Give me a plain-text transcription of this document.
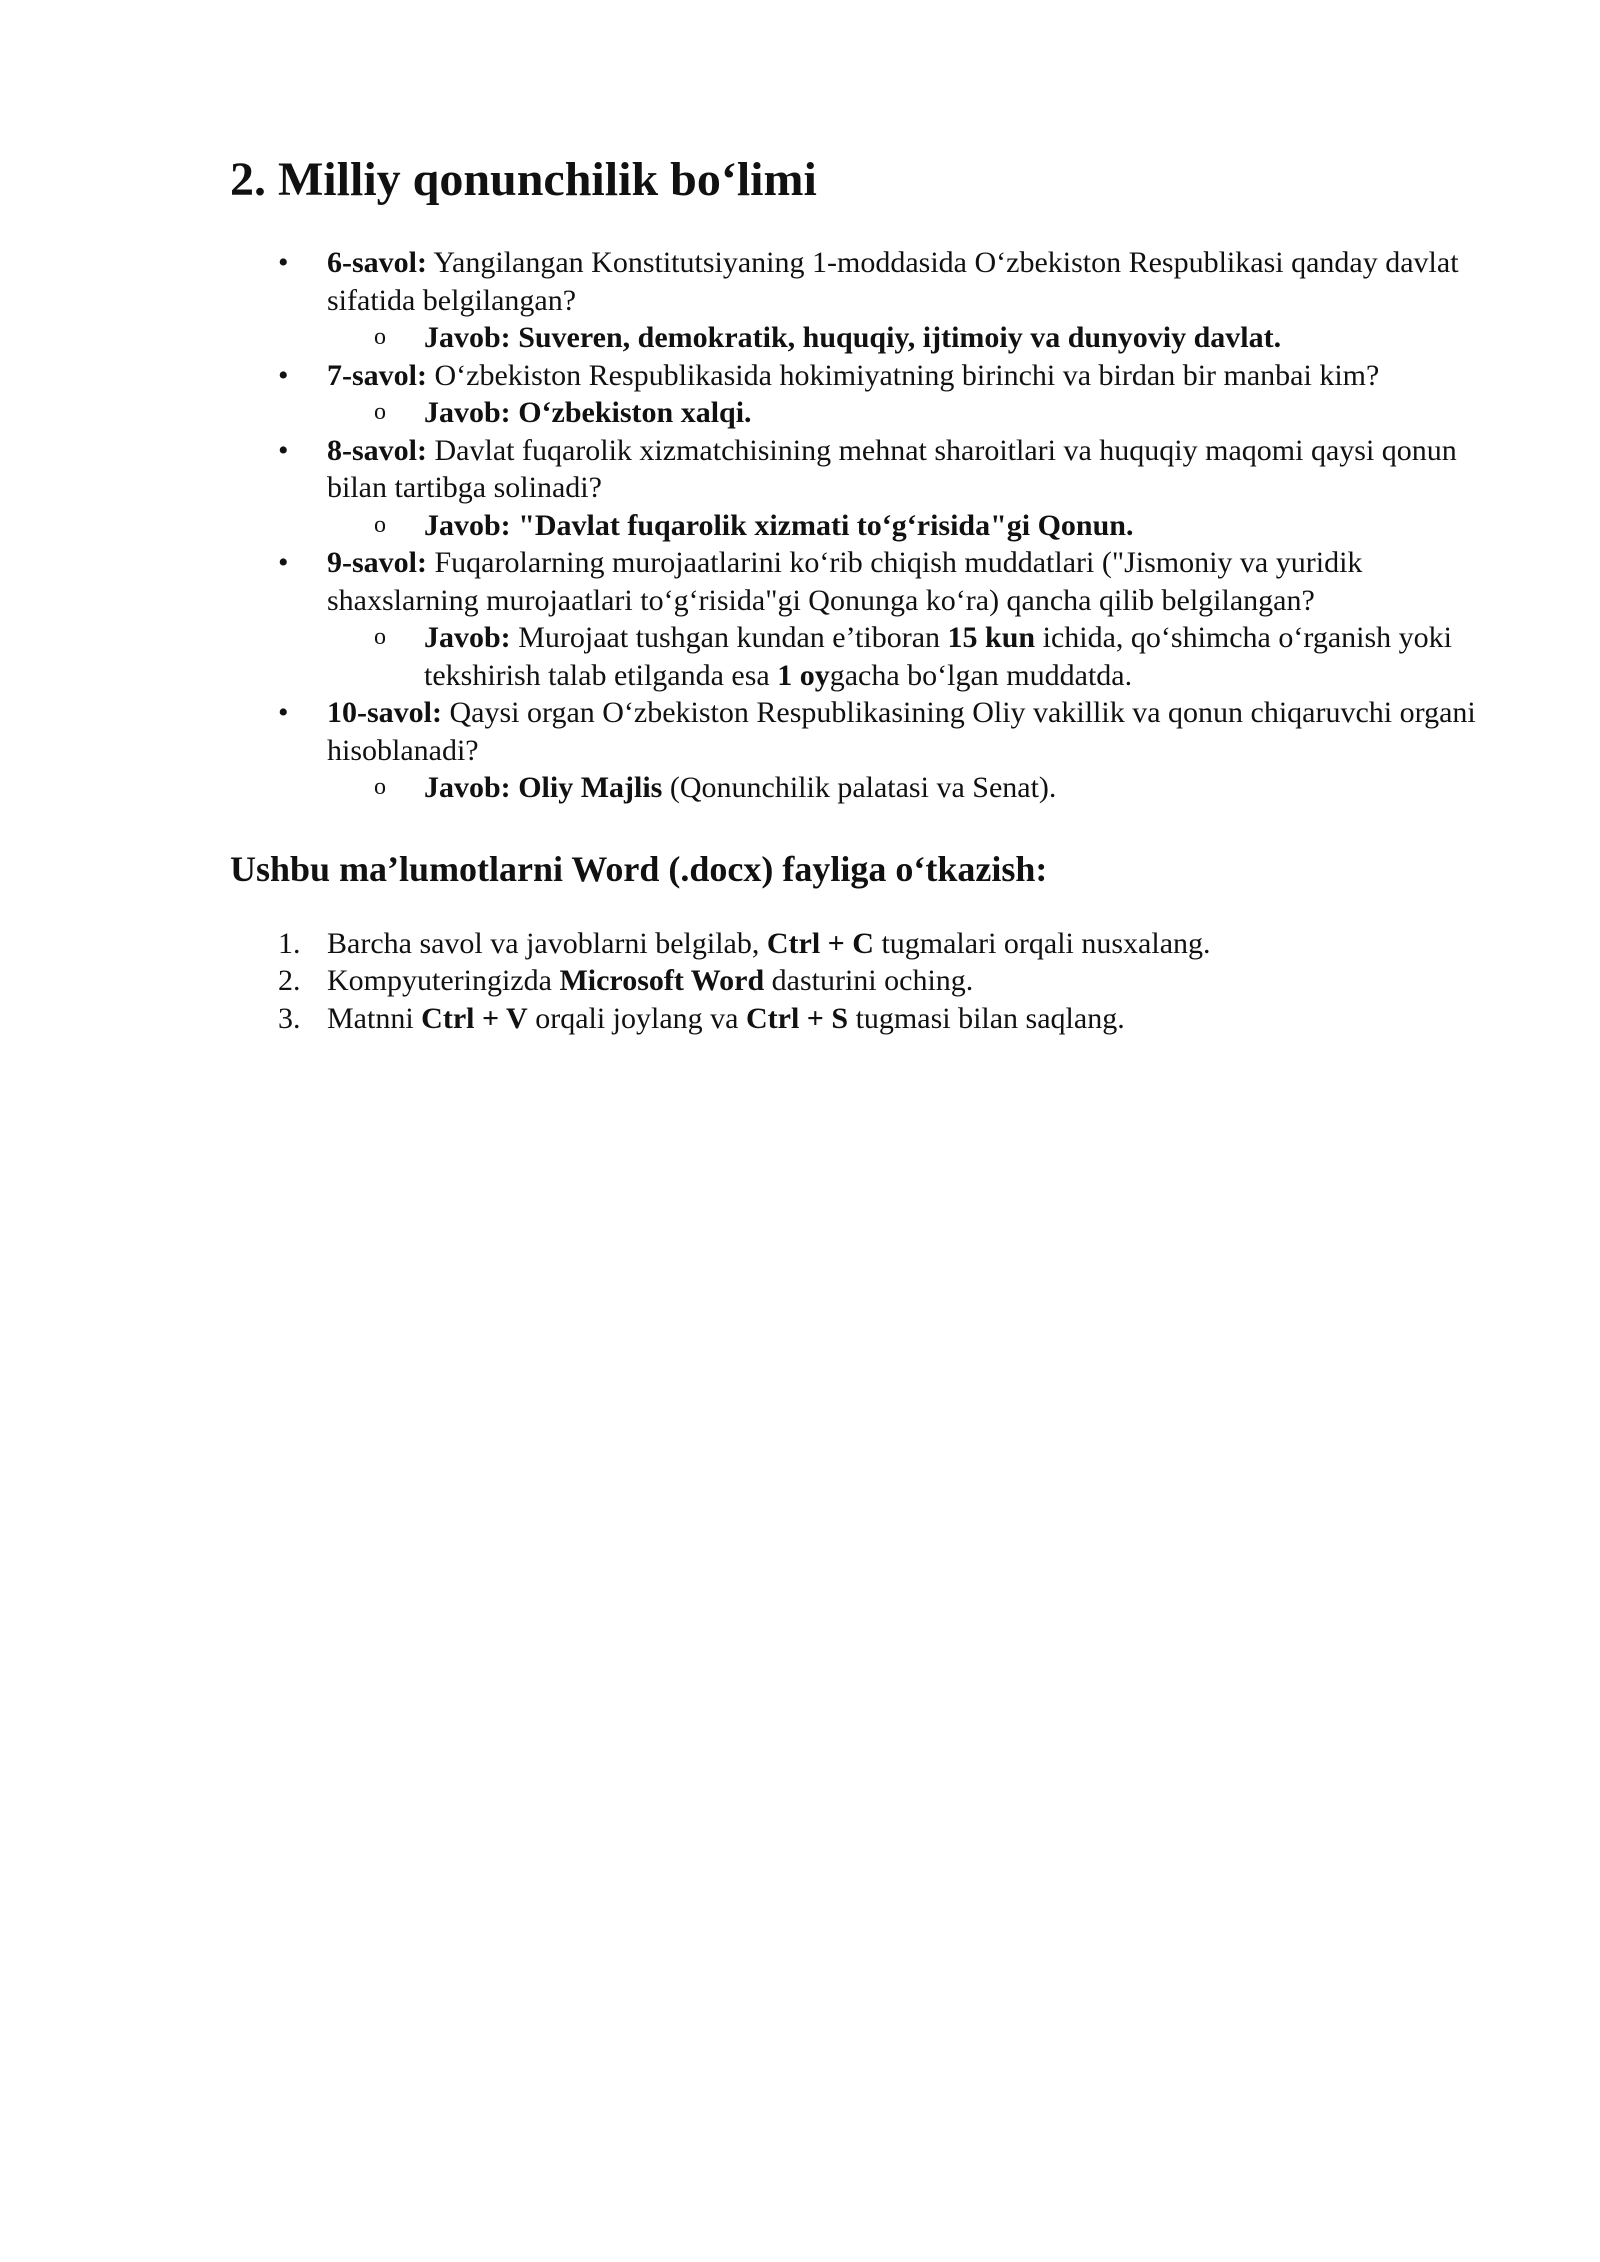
2. Milliy qonunchilik bo‘limi
• 6-savol: Yangilangan Konstitutsiyaning 1-moddasida O‘zbekiston Respublikasi qanday davlat sifatida belgilangan?
o Javob: Suveren, demokratik, huquqiy, ijtimoiy va dunyoviy davlat.
• 7-savol: O‘zbekiston Respublikasida hokimiyatning birinchi va birdan bir manbai kim?
o Javob: O‘zbekiston xalqi.
• 8-savol: Davlat fuqarolik xizmatchisining mehnat sharoitlari va huquqiy maqomi qaysi qonun bilan tartibga solinadi?
o Javob: "Davlat fuqarolik xizmati to‘g‘risida"gi Qonun.
• 9-savol: Fuqarolarning murojaatlarini ko‘rib chiqish muddatlari ("Jismoniy va yuridik shaxslarning murojaatlari to‘g‘risida"gi Qonunga ko‘ra) qancha qilib belgilangan?
o Javob: Murojaat tushgan kundan e’tiboran 15 kun ichida, qo‘shimcha o‘rganish yoki tekshirish talab etilganda esa 1 oygacha bo‘lgan muddatda.
• 10-savol: Qaysi organ O‘zbekiston Respublikasining Oliy vakillik va qonun chiqaruvchi organi hisoblanadi?
o Javob: Oliy Majlis (Qonunchilik palatasi va Senat).
Ushbu ma’lumotlarni Word (.docx) fayliga o‘tkazish:
1. Barcha savol va javoblarni belgilab, Ctrl + C tugmalari orqali nusxalang.
2. Kompyuteringizda Microsoft Word dasturini oching.
3. Matnni Ctrl + V orqali joylang va Ctrl + S tugmasi bilan saqlang.
